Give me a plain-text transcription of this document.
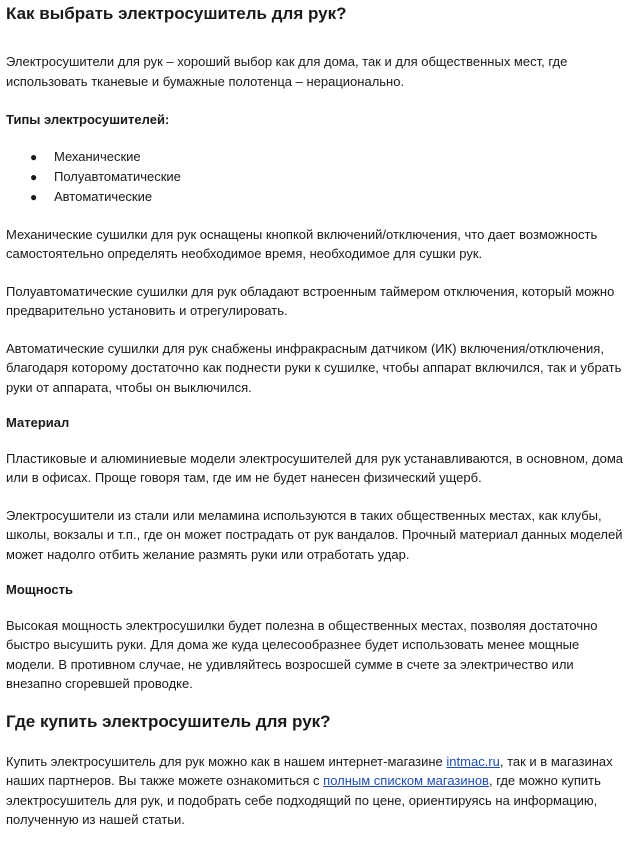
Как выбрать электросушитель для рук?

Электросушители для рук – хороший выбор как для дома, так и для общественных мест, где использовать тканевые и бумажные полотенца – нерационально.

Типы электросушителей:

● Механические
● Полуавтоматические
● Автоматические

Механические сушилки для рук оснащены кнопкой включений/отключения, что дает возможность самостоятельно определять необходимое время, необходимое для сушки рук.

Полуавтоматические сушилки для рук обладают встроенным таймером отключения, который можно предварительно установить и отрегулировать.

Автоматические сушилки для рук снабжены инфракрасным датчиком (ИК) включения/отключения, благодаря которому достаточно как поднести руки к сушилке, чтобы аппарат включился, так и убрать руки от аппарата, чтобы он выключился.

Материал

Пластиковые и алюминиевые модели электросушителей для рук устанавливаются, в основном, дома или в офисах. Проще говоря там, где им не будет нанесен физический ущерб.

Электросушители из стали или меламина используются в таких общественных местах, как клубы, школы, вокзалы и т.п., где он может пострадать от рук вандалов. Прочный материал данных моделей может надолго отбить желание размять руки или отработать удар.

Мощность

Высокая мощность электросушилки будет полезна в общественных местах, позволяя достаточно быстро высушить руки. Для дома же куда целесообразнее будет использовать менее мощные модели. В противном случае, не удивляйтесь возросшей сумме в счете за электричество или внезапно сгоревшей проводке.

Где купить электросушитель для рук?

Купить электросушитель для рук можно как в нашем интернет-магазине intmac.ru, так и в магазинах наших партнеров. Вы также можете ознакомиться с полным списком магазинов, где можно купить электросушитель для рук, и подобрать себе подходящий по цене, ориентируясь на информацию, полученную из нашей статьи.
